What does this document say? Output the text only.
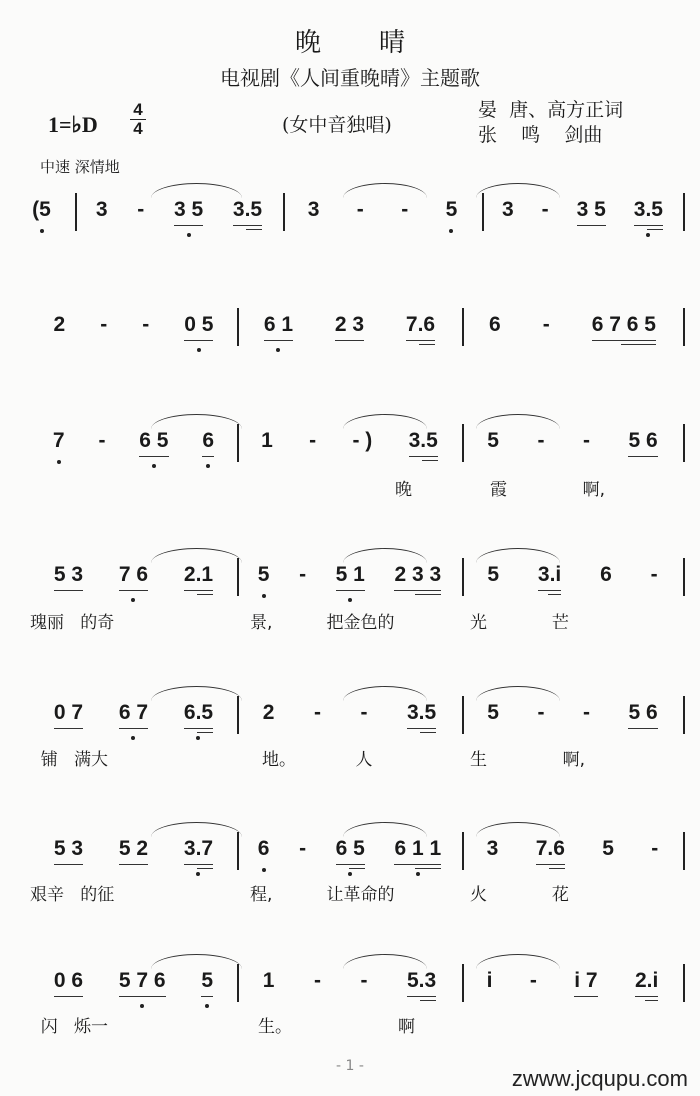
晚晴
电视剧《人间重晚晴》主题歌
1=♭D
4
4	(女中音独唱)
晏  唐、高方正词
张    鸣    剑曲
中速 深情地
(5 3 - 3 5 3.5 3 - - 5 3 - 3 5 3.5
2 - - 0 5 6 1 2 3 7.6	6 - 6 7 6 5
7 - 6 5 6 1 - - ) 3.5 5 - - 5 6
5 3 7 6 2.1 5 - 5 1 2 3 3 5 3.i 6 -
0 7 6 7 6.5 2 - - 3.5 5 - - 5 6
5 3 5 2 3.7 6 - 6 5 6 1 1 3 7.6 5 -
0 6 5 7 6 5 1 - - 5.3 i - i 7 2.i
- 1 -	zwww.jcqupu.com
晚	霞              啊,
瑰丽   的奇	景,          把金色的	光            芒
铺   满大	地。           人	生              啊,
艰辛   的征	程,          让革命的	火            花
闪   烁一	生。	啊
